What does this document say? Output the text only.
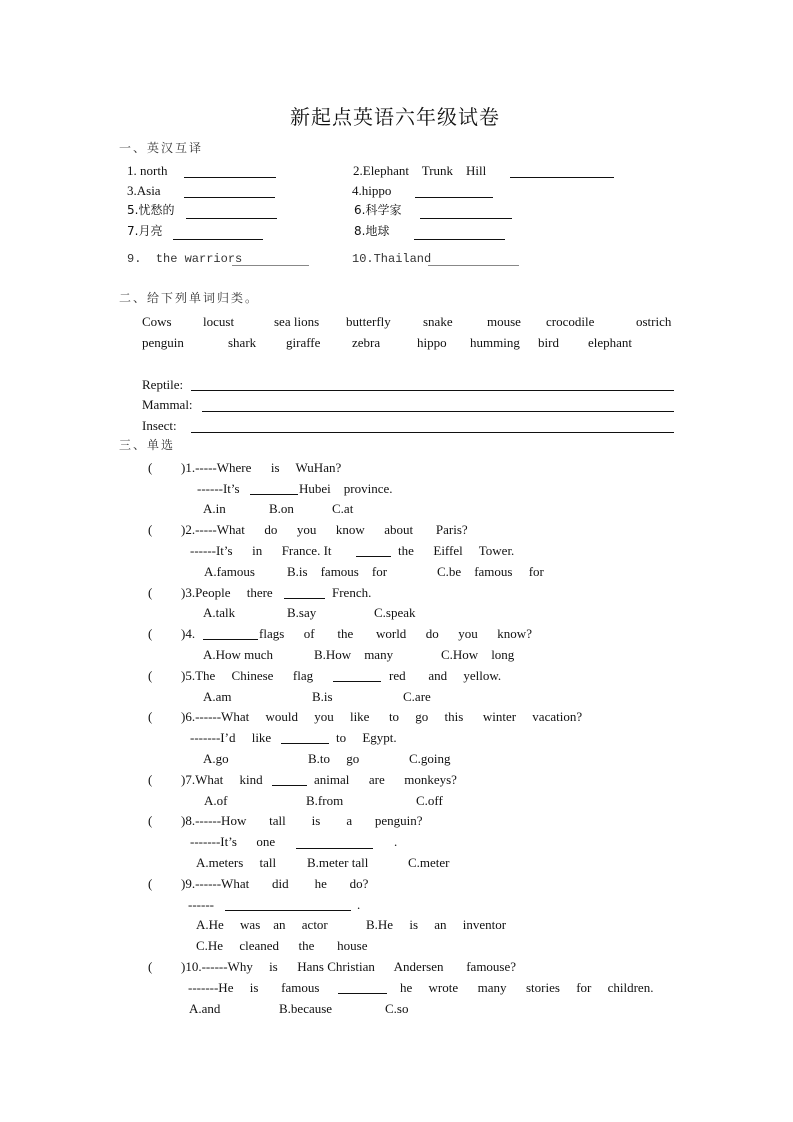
新起点英语六年级试卷
一、英汉互译
1. north	2.Elephant    Trunk    Hill
3.Asia	4.hippo
5.忧愁的	6.科学家
7.月亮	8.地球
9.  the warriors	10.Thailand
二、给下列单词归类。
Cows locust	sea lions butterfly snake	mouse crocodile	ostrich
penguin	shark giraffe zebra	hippo humming bird elephant
Reptile:
Mammal:
Insect:
三、单选
( )1.-----Where      is     WuHan?
------It’s	Hubei    province.
A.in	B.on	C.at
( )2.-----What      do      you      know      about       Paris?
------It’s      in      France. It	the      Eiffel     Tower.
A.famous B.is    famous    for	C.be    famous     for
( )3.People     there	French.
A.talk	B.say	C.speak
( )4.	flags      of       the       world      do      you      know?
A.How much	B.How    many	C.How    long
( )5.The     Chinese      flag	red       and     yellow.
A.am	B.is	C.are
( )6.------What     would     you     like      to     go     this      winter     vacation?
-------I’d     like	to     Egypt.
A.go	B.to     go	C.going
( )7.What     kind	animal      are      monkeys?
A.of	B.from	C.off
( )8.------How       tall        is        a       penguin?
-------It’s      one	.
A.meters     tall B.meter tall	C.meter
( )9.------What       did        he       do?
------	.
A.He     was    an     actor	B.He     is     an     inventor
C.He     cleaned      the       house
( )10.------Why     is      Hans Christian      Andersen       famouse?
-------He     is       famous	he     wrote      many      stories     for     children.
A.and	B.because	C.so
